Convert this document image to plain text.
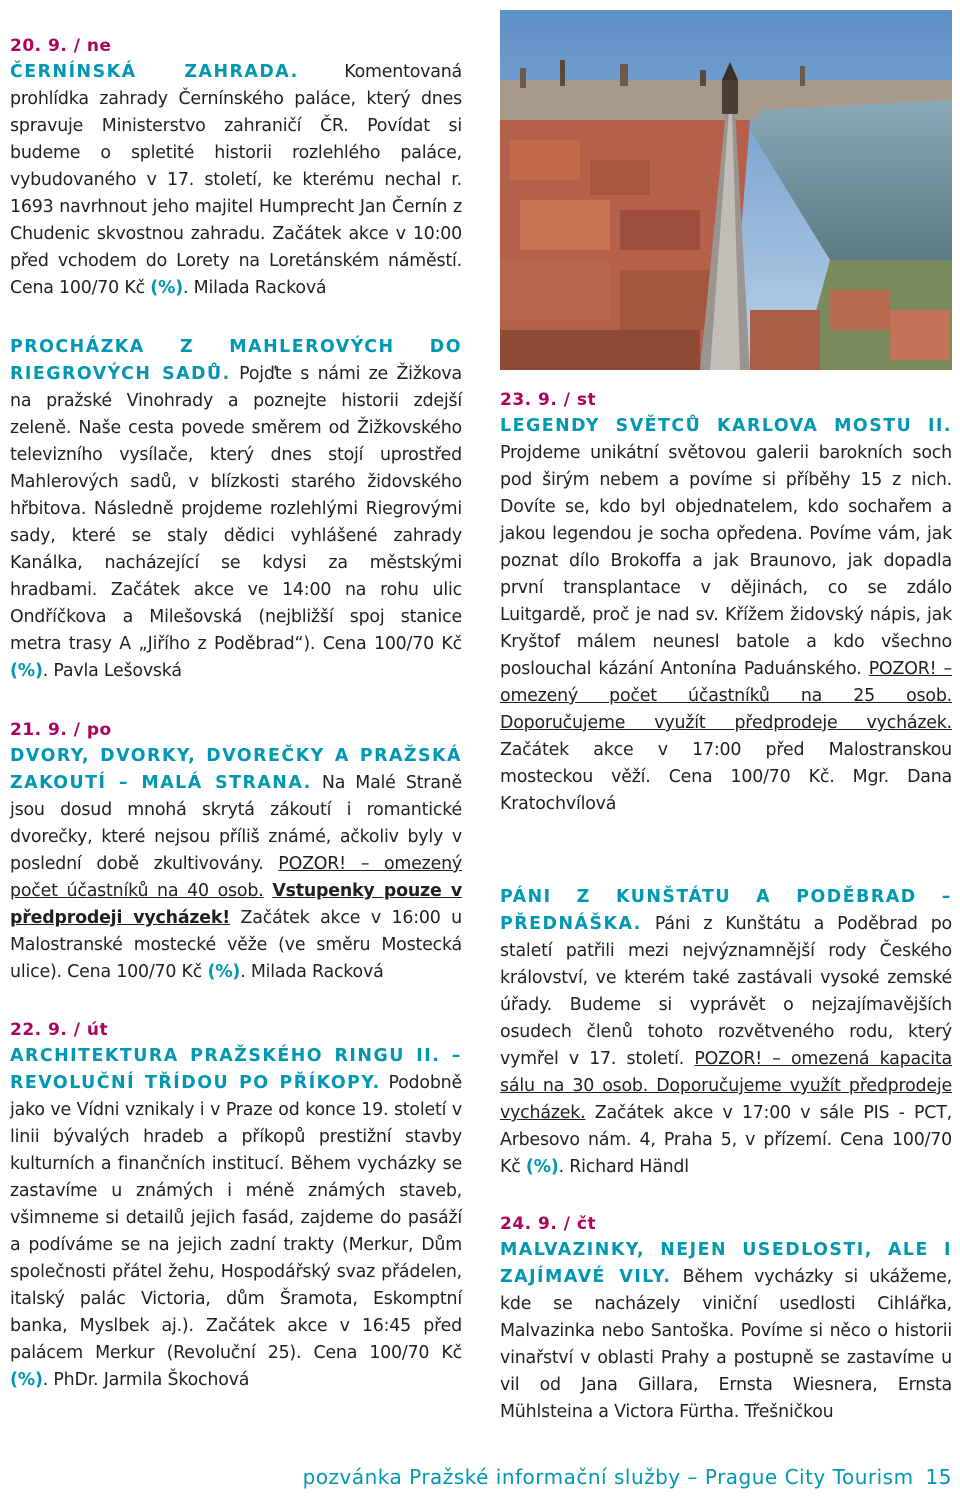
20. 9. / ne

ČERNÍNSKÁ ZAHRADA. Komentovaná prohlídka zahrady Černínského paláce, který dnes spravuje Ministerstvo zahraničí ČR. Povídat si budeme o spletité historii rozlehlého paláce, vybudovaného v 17. století, ke kterému nechal r. 1693 navrhnout jeho majitel Humprecht Jan Černín z Chudenic skvostnou zahradu. Začátek akce v 10:00 před vchodem do Lorety na Loretánském náměstí. Cena 100/70 Kč (%). Milada Racková

PROCHÁZKA Z MAHLEROVÝCH DO RIEGROVÝCH SADŮ. Pojďte s námi ze Žižkova na pražské Vinohrady a poznejte historii zdejší zeleně. Naše cesta povede směrem od Žižkovského televizního vysílače, který dnes stojí uprostřed Mahlerových sadů, v blízkosti starého židovského hřbitova. Následně projdeme rozlehlými Riegrovými sady, které se staly dědici vyhlášené zahrady Kanálka, nacházející se kdysi za městskými hradbami. Začátek akce ve 14:00 na rohu ulic Ondříčkova a Milešovská (nejbližší spoj stanice metra trasy A „Jiřího z Poděbrad“). Cena 100/70 Kč (%). Pavla Lešovská

21. 9. / po

DVORY, DVORKY, DVOREČKY A PRAŽSKÁ ZAKOUTÍ – MALÁ STRANA. Na Malé Straně jsou dosud mnohá skrytá zákoutí i romantické dvorečky, které nejsou příliš známé, ačkoliv byly v poslední době zkultivovány. POZOR! – omezený počet účastníků na 40 osob. Vstupenky pouze v předprodeji vycházek! Začátek akce v 16:00 u Malostranské mostecké věže (ve směru Mostecká ulice). Cena 100/70 Kč (%). Milada Racková

22. 9. / út

ARCHITEKTURA PRAŽSKÉHO RINGU II. – REVOLUČNÍ TŘÍDOU PO PŘÍKOPY. Podobně jako ve Vídni vznikaly i v Praze od konce 19. století v linii bývalých hradeb a příkopů prestižní stavby kulturních a finančních institucí. Během vycházky se zastavíme u známých i méně známých staveb, všimneme si detailů jejich fasád, zajdeme do pasáží a podíváme se na jejich zadní trakty (Merkur, Dům společnosti přátel žehu, Hospodářský svaz přádelen, italský palác Victoria, dům Šramota, Eskomptní banka, Myslbek aj.). Začátek akce v 16:45 před palácem Merkur (Revoluční 25). Cena 100/70 Kč (%). PhDr. Jarmila Škochová

23. 9. / st

LEGENDY SVĚTCŮ KARLOVA MOSTU II. Projdeme unikátní světovou galerii barokních soch pod širým nebem a povíme si příběhy 15 z nich. Dovíte se, kdo byl objednatelem, kdo sochařem a jakou legendou je socha opředena. Povíme vám, jak poznat dílo Brokoffa a jak Braunovo, jak dopadla první transplantace v dějinách, co se zdálo Luitgardě, proč je nad sv. Křížem židovský nápis, jak Kryštof málem neunesl batole a kdo všechno poslouchal kázání Antonína Paduánského. POZOR! – omezený počet účastníků na 25 osob. Doporučujeme využít předprodeje vycházek. Začátek akce v 17:00 před Malostranskou mosteckou věží. Cena 100/70 Kč. Mgr. Dana Kratochvílová

PÁNI Z KUNŠTÁTU A PODĚBRAD – PŘEDNÁŠKA. Páni z Kunštátu a Poděbrad po staletí patřili mezi nejvýznamnější rody Českého království, ve kterém také zastávali vysoké zemské úřady. Budeme si vyprávět o nejzajímavějších osudech členů tohoto rozvětveného rodu, který vymřel v 17. století. POZOR! – omezená kapacita sálu na 30 osob. Doporučujeme využít předprodeje vycházek. Začátek akce v 17:00 v sále PIS - PCT, Arbesovo nám. 4, Praha 5, v přízemí. Cena 100/70 Kč (%). Richard Händl

24. 9. / čt

MALVAZINKY, NEJEN USEDLOSTI, ALE I ZAJÍMAVÉ VILY. Během vycházky si ukážeme, kde se nacházely viniční usedlosti Cihlářka, Malvazinka nebo Santoška. Povíme si něco o historii vinařství v oblasti Prahy a postupně se zastavíme u vil od Jana Gillara, Ernsta Wiesnera, Ernsta Mühlsteina a Victora Fürtha. Třešničkou

pozvánka Pražské informační služby – Prague City Tourism 15
